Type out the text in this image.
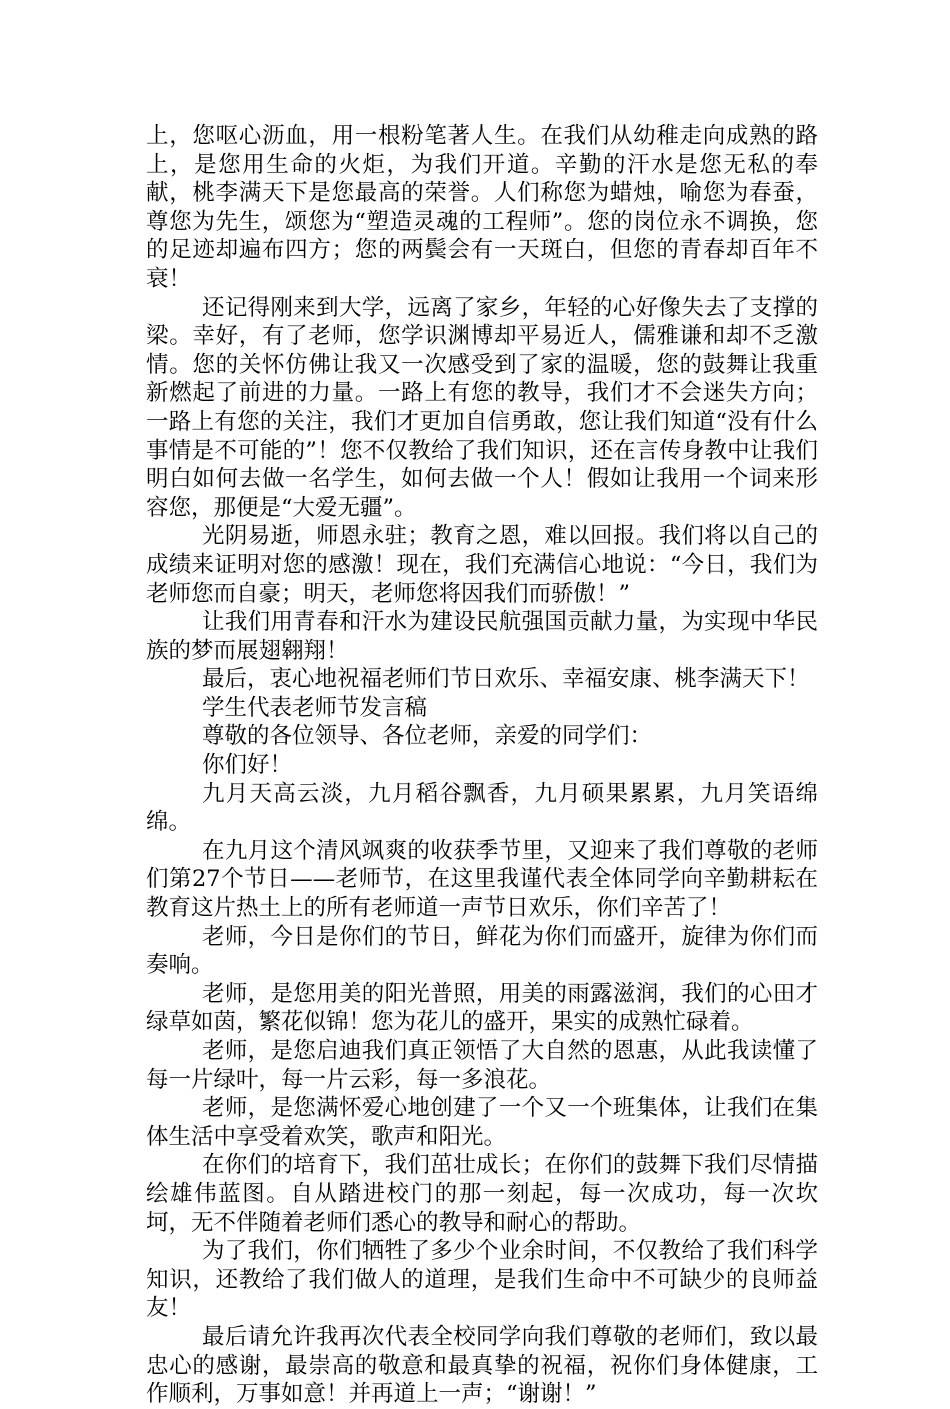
上，您呕心沥血，用一根粉笔著人生。在我们从幼稚走向成熟的路上，是您用生命的火炬，为我们开道。辛勤的汗水是您无私的奉献，桃李满天下是您最高的荣誉。人们称您为蜡烛，喻您为春蚕，尊您为先生，颂您为“塑造灵魂的工程师”。您的岗位永不调换，您的足迹却遍布四方；您的两鬓会有一天斑白，但您的青春却百年不衰！

还记得刚来到大学，远离了家乡，年轻的心好像失去了支撑的梁。幸好，有了老师，您学识渊博却平易近人，儒雅谦和却不乏激情。您的关怀仿佛让我又一次感受到了家的温暖，您的鼓舞让我重新燃起了前进的力量。一路上有您的教导，我们才不会迷失方向；一路上有您的关注，我们才更加自信勇敢，您让我们知道“没有什么事情是不可能的”！您不仅教给了我们知识，还在言传身教中让我们明白如何去做一名学生，如何去做一个人！假如让我用一个词来形容您，那便是“大爱无疆”。

光阴易逝，师恩永驻；教育之恩，难以回报。我们将以自己的成绩来证明对您的感激！现在，我们充满信心地说：“今日，我们为老师您而自豪；明天，老师您将因我们而骄傲！”

让我们用青春和汗水为建设民航强国贡献力量，为实现中华民族的梦而展翅翱翔！

最后，衷心地祝福老师们节日欢乐、幸福安康、桃李满天下！

学生代表老师节发言稿

尊敬的各位领导、各位老师，亲爱的同学们：

你们好！

九月天高云淡，九月稻谷飘香，九月硕果累累，九月笑语绵绵。

在九月这个清风飒爽的收获季节里，又迎来了我们尊敬的老师们第27个节日——老师节，在这里我谨代表全体同学向辛勤耕耘在教育这片热土上的所有老师道一声节日欢乐，你们辛苦了！

老师，今日是你们的节日，鲜花为你们而盛开，旋律为你们而奏响。

老师，是您用美的阳光普照，用美的雨露滋润，我们的心田才绿草如茵，繁花似锦！您为花儿的盛开，果实的成熟忙碌着。

老师，是您启迪我们真正领悟了大自然的恩惠，从此我读懂了每一片绿叶，每一片云彩，每一多浪花。

老师，是您满怀爱心地创建了一个又一个班集体，让我们在集体生活中享受着欢笑，歌声和阳光。

在你们的培育下，我们茁壮成长；在你们的鼓舞下我们尽情描绘雄伟蓝图。自从踏进校门的那一刻起，每一次成功，每一次坎坷，无不伴随着老师们悉心的教导和耐心的帮助。

为了我们，你们牺牲了多少个业余时间，不仅教给了我们科学知识，还教给了我们做人的道理，是我们生命中不可缺少的良师益友！

最后请允许我再次代表全校同学向我们尊敬的老师们，致以最忠心的感谢，最崇高的敬意和最真挚的祝福，祝你们身体健康，工作顺利，万事如意！并再道上一声；“谢谢！”
